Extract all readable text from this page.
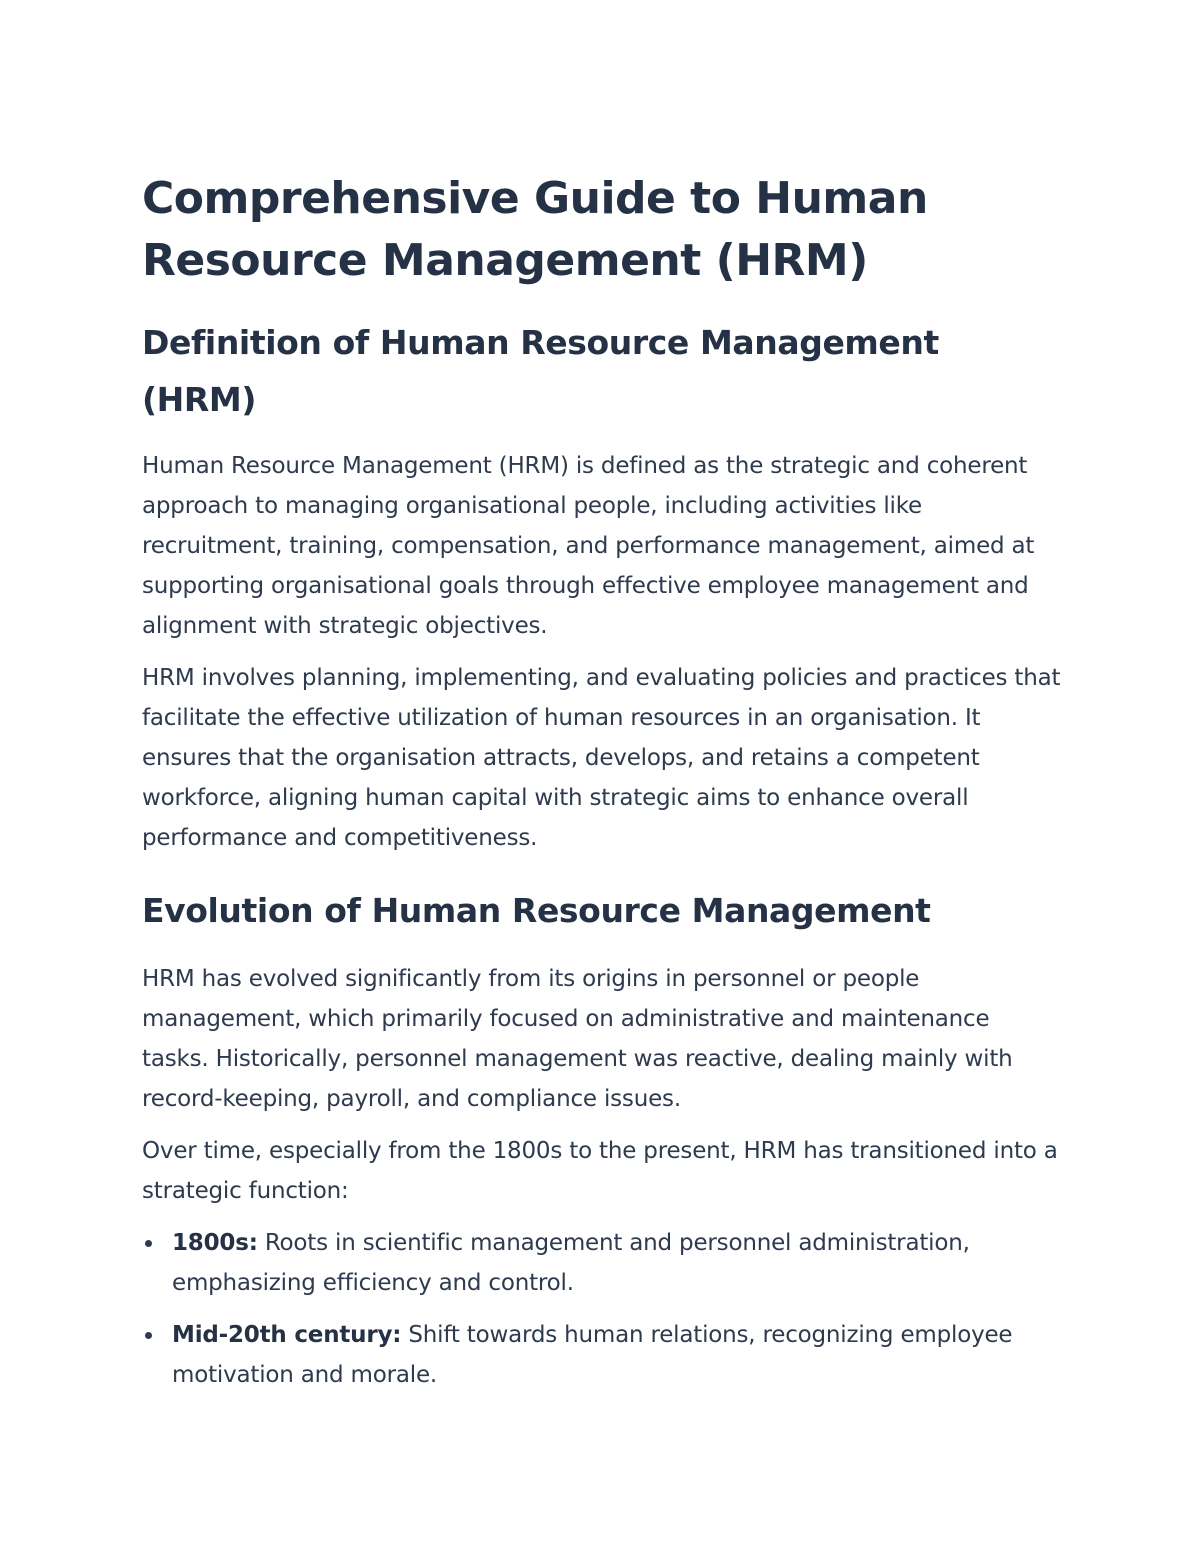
Comprehensive Guide to Human Resource Management (HRM)
Definition of Human Resource Management (HRM)

Human Resource Management (HRM) is defined as the strategic and coherent approach to managing organisational people, including activities like recruitment, training, compensation, and performance management, aimed at supporting organisational goals through effective employee management and alignment with strategic objectives.

HRM involves planning, implementing, and evaluating policies and practices that facilitate the effective utilization of human resources in an organisation. It ensures that the organisation attracts, develops, and retains a competent workforce, aligning human capital with strategic aims to enhance overall performance and competitiveness.

Evolution of Human Resource Management

HRM has evolved significantly from its origins in personnel or people management, which primarily focused on administrative and maintenance tasks. Historically, personnel management was reactive, dealing mainly with record-keeping, payroll, and compliance issues.

Over time, especially from the 1800s to the present, HRM has transitioned into a strategic function:

1800s: Roots in scientific management and personnel administration, emphasizing efficiency and control.
Mid-20th century: Shift towards human relations, recognizing employee motivation and morale.
